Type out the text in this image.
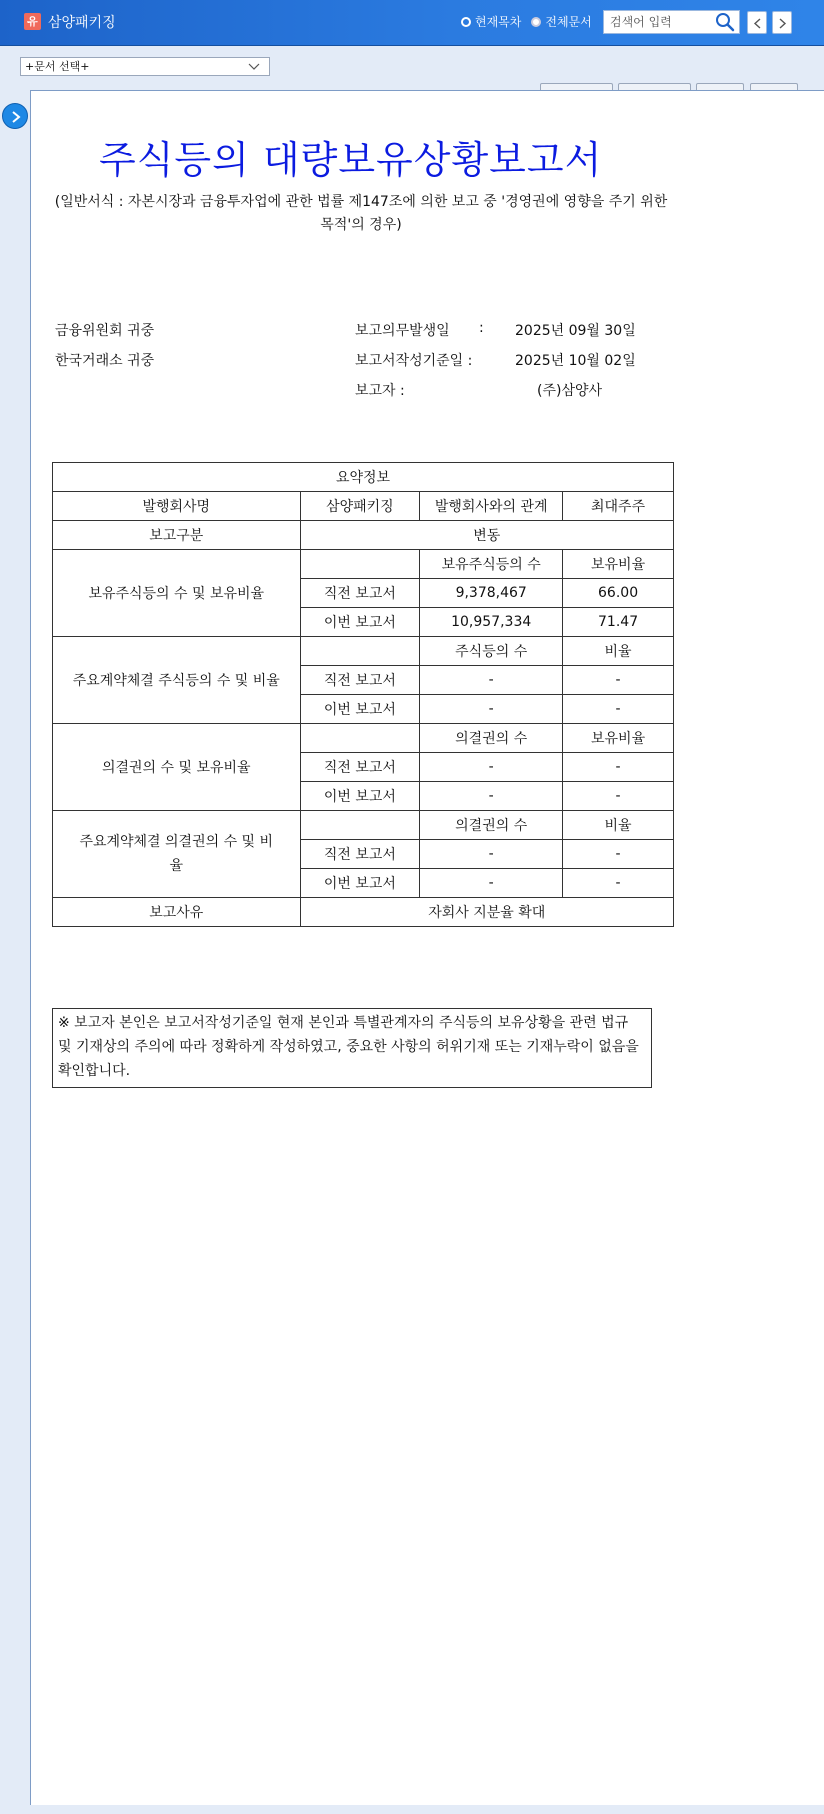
유 삼양패키징	현재목차 전체문서
검색어 입력
+문서 선택+
주식등의 대량보유상황보고서
(일반서식 : 자본시장과 금융투자업에 관한 법률 제147조에 의한 보고 중 '경영권에 영향을 주기 위한 목적'의 경우)
금융위원회 귀중
한국거래소 귀중
보고의무발생일 : 2025년 09월 30일
보고서작성기준일 :	2025년 10월 02일
보고자 :	(주)삼양사
요약정보			
발행회사명	삼양패키징	발행회사와의 관계	최대주주
보고구분	변동		
보유주식등의 수 및 보유비율		보유주식등의 수	보유비율
	직전 보고서	9,378,467	66.00
	이번 보고서	10,957,334	71.47
주요계약체결 주식등의 수 및 비율		주식등의 수	비율
	직전 보고서	-	-
	이번 보고서	-	-
의결권의 수 및 보유비율		의결권의 수	보유비율
	직전 보고서	-	-
	이번 보고서	-	-
주요계약체결 의결권의 수 및 비율		의결권의 수	비율
	직전 보고서	-	-
	이번 보고서	-	-
보고사유	자회사 지분율 확대		
※ 보고자 본인은 보고서작성기준일 현재 본인과 특별관계자의 주식등의 보유상황을 관련 법규 및 기재상의 주의에 따라 정확하게 작성하였고, 중요한 사항의 허위기재 또는 기재누락이 없음을 확인합니다.
